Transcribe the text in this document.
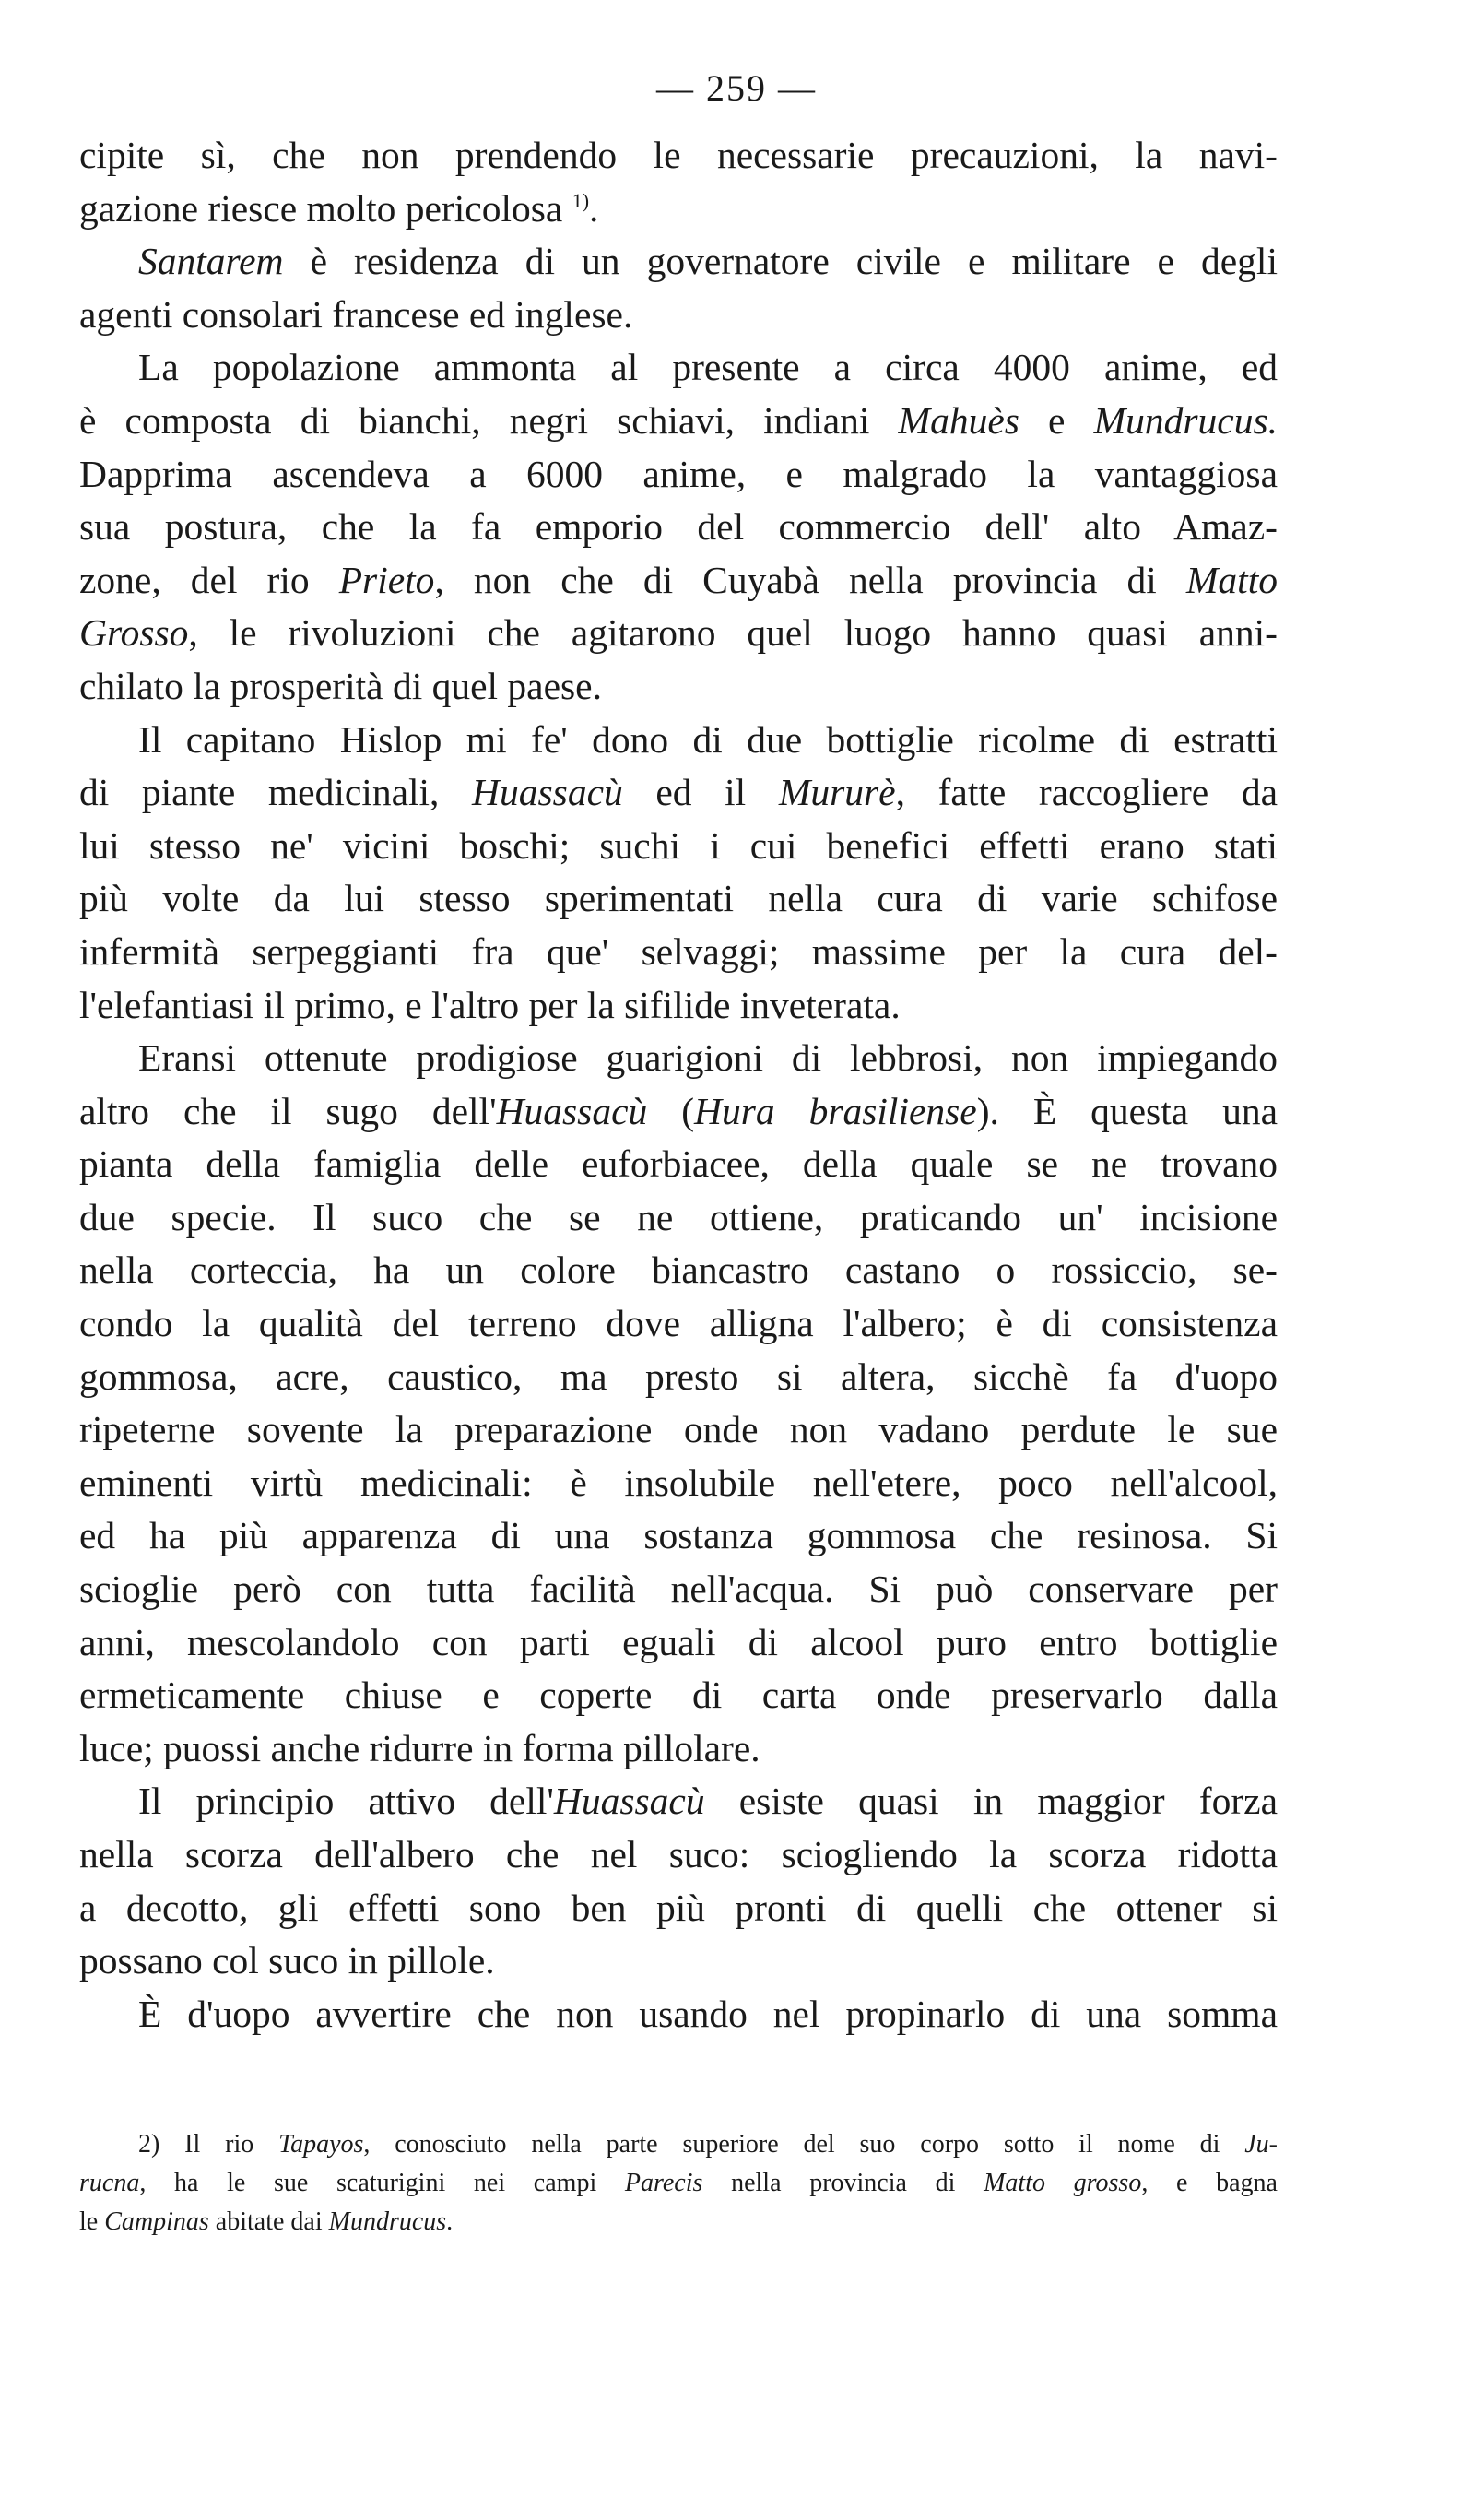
— 259 —
cipite sì, che non prendendo le necessarie precauzioni, la navi-
gazione riesce molto pericolosa $^{1)}$.
Santarem è residenza di un governatore civile e militare e degli
agenti consolari francese ed inglese.
La popolazione ammonta al presente a circa 4000 anime, ed
è composta di bianchi, negri schiavi, indiani Mahuès e Mundrucus.
Dapprima ascendeva a 6000 anime, e malgrado la vantaggiosa
sua postura, che la fa emporio del commercio dell' alto Amaz-
zone, del rio Prieto, non che di Cuyabà nella provincia di Matto
Grosso, le rivoluzioni che agitarono quel luogo hanno quasi anni-
chilato la prosperità di quel paese.
Il capitano Hislop mi fe' dono di due bottiglie ricolme di estratti
di piante medicinali, Huassacù ed il Mururè, fatte raccogliere da
lui stesso ne' vicini boschi; suchi i cui benefici effetti erano stati
più volte da lui stesso sperimentati nella cura di varie schifose
infermità serpeggianti fra que' selvaggi; massime per la cura del-
l'elefantiasi il primo, e l'altro per la sifilide inveterata.
Eransi ottenute prodigiose guarigioni di lebbrosi, non impiegando
altro che il sugo dell'Huassacù (Hura brasiliense). È questa una
pianta della famiglia delle euforbiacee, della quale se ne trovano
due specie. Il suco che se ne ottiene, praticando un' incisione
nella corteccia, ha un colore biancastro castano o rossiccio, se-
condo la qualità del terreno dove alligna l'albero; è di consistenza
gommosa, acre, caustico, ma presto si altera, sicchè fa d'uopo
ripeterne sovente la preparazione onde non vadano perdute le sue
eminenti virtù medicinali: è insolubile nell'etere, poco nell'alcool,
ed ha più apparenza di una sostanza gommosa che resinosa. Si
scioglie però con tutta facilità nell'acqua. Si può conservare per
anni, mescolandolo con parti eguali di alcool puro entro bottiglie
ermeticamente chiuse e coperte di carta onde preservarlo dalla
luce; puossi anche ridurre in forma pillolare.
Il principio attivo dell'Huassacù esiste quasi in maggior forza
nella scorza dell'albero che nel suco: sciogliendo la scorza ridotta
a decotto, gli effetti sono ben più pronti di quelli che ottener si
possano col suco in pillole.
È d'uopo avvertire che non usando nel propinarlo di una somma
2) Il rio Tapayos, conosciuto nella parte superiore del suo corpo sotto il nome di Ju-
rucna, ha le sue scaturigini nei campi Parecis nella provincia di Matto grosso, e bagna
le Campinas abitate dai Mundrucus.
